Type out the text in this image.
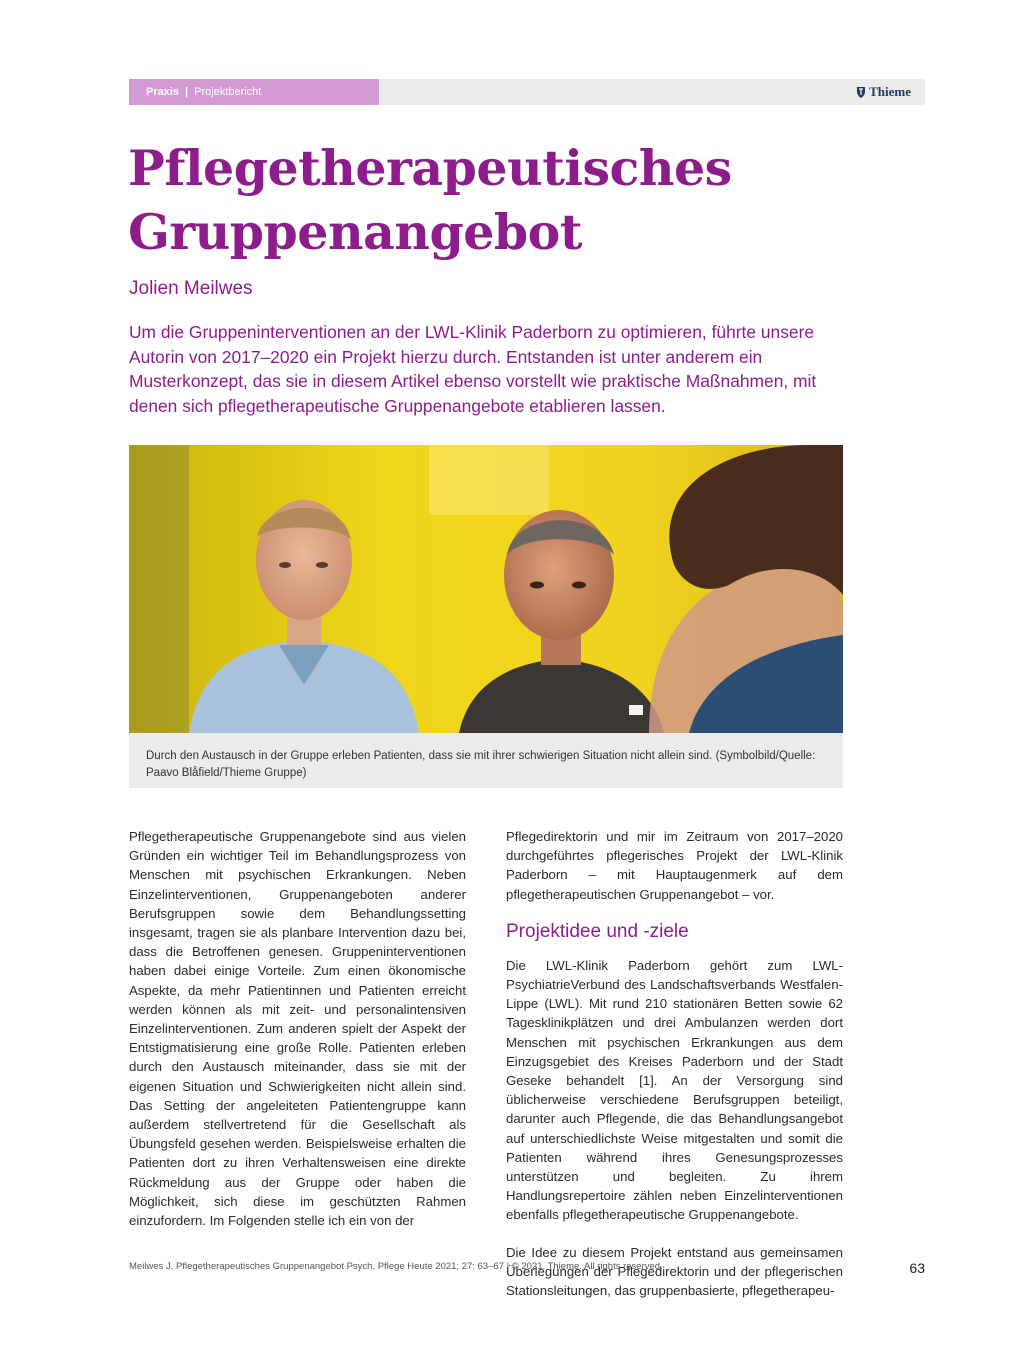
Praxis | Projektbericht	Thieme
Pflegetherapeutisches
Gruppenangebot

Jolien Meilwes

Um die Gruppeninterventionen an der LWL-Klinik Paderborn zu optimieren, führte unsere Autorin von 2017–2020 ein Projekt hierzu durch. Entstanden ist unter anderem ein Musterkonzept, das sie in diesem Artikel ebenso vorstellt wie praktische Maßnahmen, mit denen sich pflegetherapeutische Gruppenangebote etablieren lassen.

Durch den Austausch in der Gruppe erleben Patienten, dass sie mit ihrer schwierigen Situation nicht allein sind. (Symbolbild/Quelle: Paavo Blåfield/Thieme Gruppe)

Pflegetherapeutische Gruppenangebote sind aus vielen Gründen ein wichtiger Teil im Behandlungsprozess von Menschen mit psychischen Erkrankungen. Neben Einzelinterventionen, Gruppenangeboten anderer Berufsgruppen sowie dem Behandlungssetting insgesamt, tragen sie als planbare Intervention dazu bei, dass die Betroffenen genesen. Gruppeninterventionen haben dabei einige Vorteile. Zum einen ökonomische Aspekte, da mehr Patientinnen und Patienten erreicht werden können als mit zeit- und personalintensiven Einzelinterventionen. Zum anderen spielt der Aspekt der Entstigmatisierung eine große Rolle. Patienten erleben durch den Austausch miteinander, dass sie mit der eigenen Situation und Schwierigkeiten nicht allein sind. Das Setting der angeleiteten Patientengruppe kann außerdem stellvertretend für die Gesellschaft als Übungsfeld gesehen werden. Beispielsweise erhalten die Patienten dort zu ihren Verhaltensweisen eine direkte Rückmeldung aus der Gruppe oder haben die Möglichkeit, sich diese im geschützten Rahmen einzufordern. Im Folgenden stelle ich ein von der

Pflegedirektorin und mir im Zeitraum von 2017–2020 durchgeführtes pflegerisches Projekt der LWL-Klinik Paderborn – mit Hauptaugenmerk auf dem pflegetherapeutischen Gruppenangebot – vor.

Projektidee und -ziele

Die LWL-Klinik Paderborn gehört zum LWL-PsychiatrieVerbund des Landschaftsverbands Westfalen-Lippe (LWL). Mit rund 210 stationären Betten sowie 62 Tagesklinikplätzen und drei Ambulanzen werden dort Menschen mit psychischen Erkrankungen aus dem Einzugsgebiet des Kreises Paderborn und der Stadt Geseke behandelt [1]. An der Versorgung sind üblicherweise verschiedene Berufsgruppen beteiligt, darunter auch Pflegende, die das Behandlungsangebot auf unterschiedlichste Weise mitgestalten und somit die Patienten während ihres Genesungsprozesses unterstützen und begleiten. Zu ihrem Handlungsrepertoire zählen neben Einzelinterventionen ebenfalls pflegetherapeutische Gruppenangebote.

Die Idee zu diesem Projekt entstand aus gemeinsamen Überlegungen der Pflegedirektorin und der pflegerischen Stationsleitungen, das gruppenbasierte, pflegetherapeu-

Meilwes J. Pflegetherapeutisches Gruppenangebot Psych. Pflege Heute 2021; 27: 63–67 | © 2021. Thieme. All rights reserved.	63
